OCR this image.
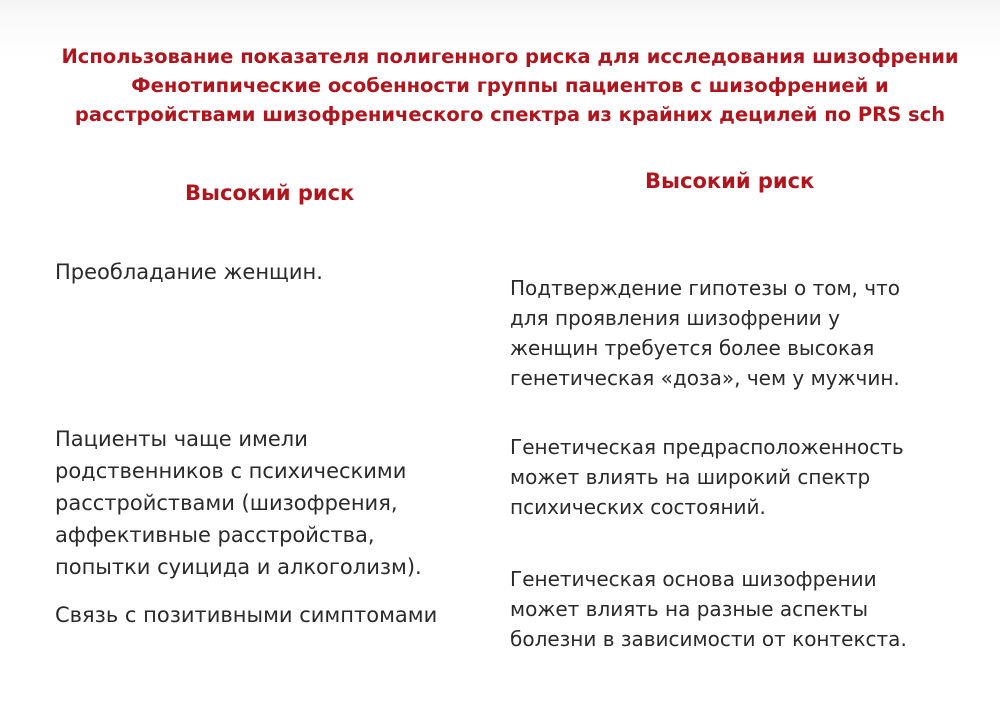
Использование показателя полигенного риска для исследования шизофрении
Фенотипические особенности группы пациентов с шизофренией и
расстройствами шизофренического спектра из крайних децилей по PRS sch
Высокий риск	Высокий риск
Преобладание женщин.
Пациенты чаще имели
родственников с психическими
расстройствами (шизофрения,
аффективные расстройства,
попытки суицида и алкоголизм).
Связь с позитивными симптомами
Подтверждение гипотезы о том, что
для проявления шизофрении у
женщин требуется более высокая
генетическая «доза», чем у мужчин.
Генетическая предрасположенность
может влиять на широкий спектр
психических состояний.
Генетическая основа шизофрении
может влиять на разные аспекты
болезни в зависимости от контекста.
